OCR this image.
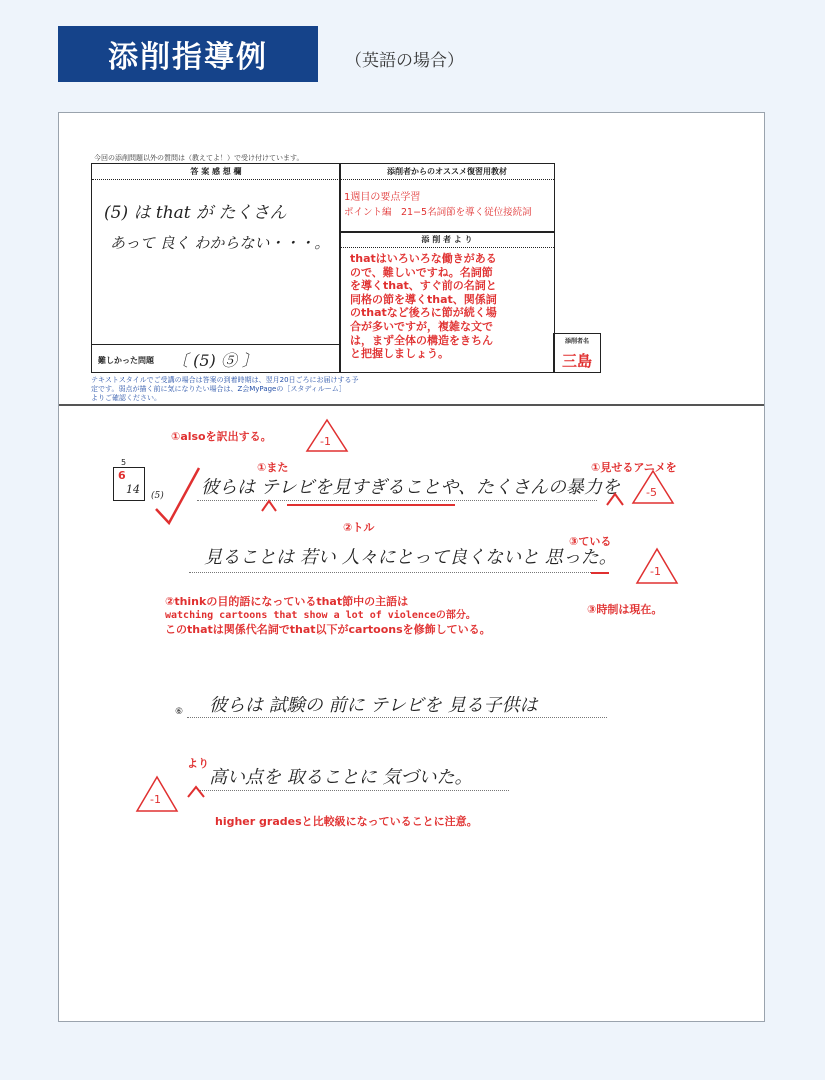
添削指導例	（英語の場合）
今回の添削問題以外の質問は（教えてよ！）で受け付けています。
答 案 感 想 欄
(5) は that が たくさん
あって 良く わからない・・・。
難しかった問題 〔 (5) ⑤ 〕
添削者からのオススメ復習用教材
1週目の要点学習
ポイント編　21−5名詞節を導く従位接続詞
添 削 者 よ り
thatはいろいろな働きがある
ので、難しいですね。名詞節
を導くthat、すぐ前の名詞と
同格の節を導くthat、関係詞
のthatなど後ろに節が続く場
合が多いですが，複雑な文で
は，まず全体の構造をきちん
と把握しましょう。
添削者名
三島
テキストスタイルでご受講の場合は答案の到着時期は、翌月20日ごろにお届けする予
定です。弱点が描く前に気になりたい場合は、Z会MyPageの［スタディルーム］
よりご確認ください。
5
6
14 (5)
⑥
①alsoを訳出する。
①また	①見せるアニメを
②トル
③ている
②thinkの目的語になっているthat節中の主語は
watching cartoons that show a lot of violenceの部分。
このthatは関係代名詞でthat以下がcartoonsを修飾している。
③時制は現在。
より
higher gradesと比較級になっていることに注意。
彼らは テレビを見すぎることや、たくさんの暴力を
見ることは 若い 人々にとって良くないと 思った。
彼らは 試験の 前に テレビを 見る子供は
高い点を 取ることに 気づいた。
-1
-5
-1
-1
